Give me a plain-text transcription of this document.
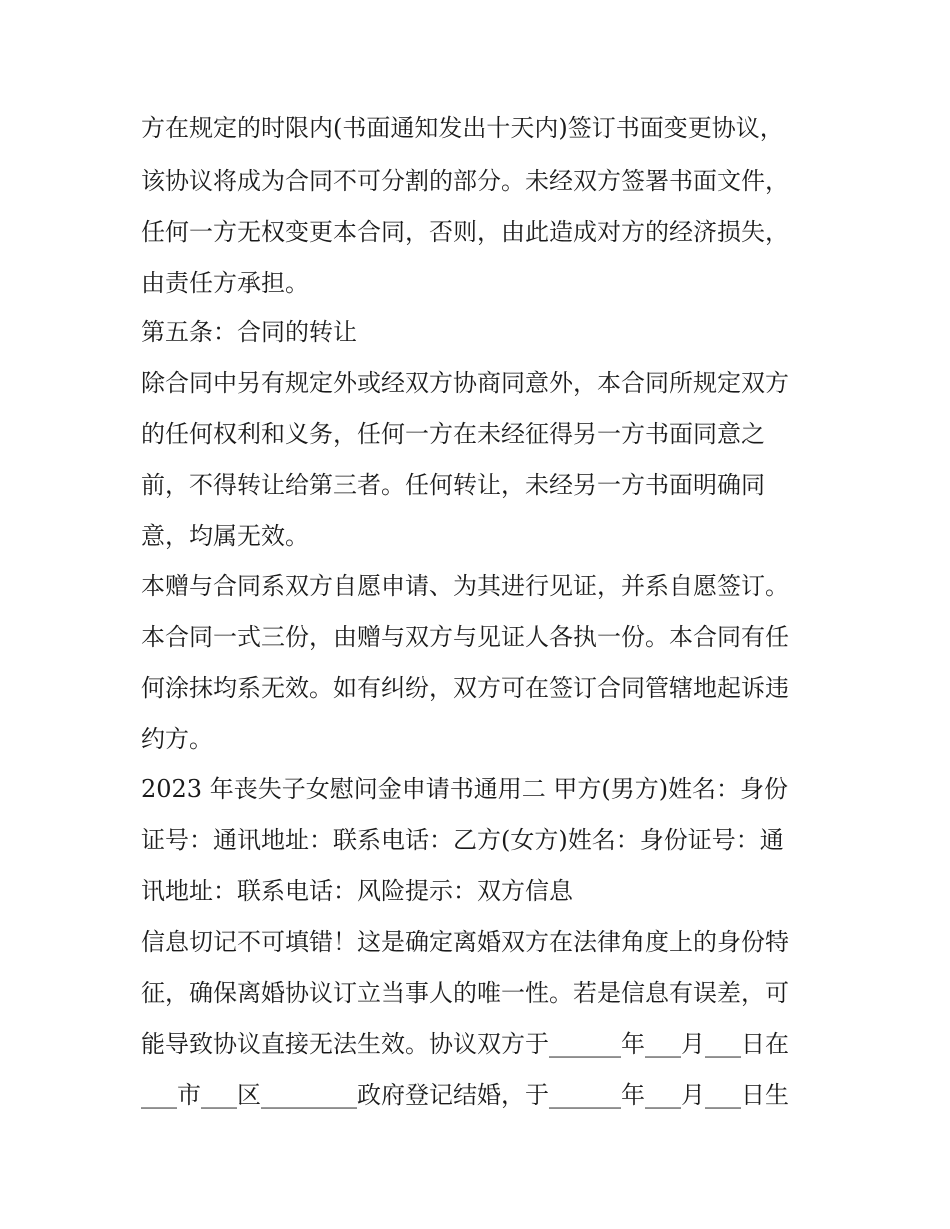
方在规定的时限内(书面通知发出十天内)签订书面变更协议，
该协议将成为合同不可分割的部分。未经双方签署书面文件，
任何一方无权变更本合同，否则，由此造成对方的经济损失，
由责任方承担。
第五条：合同的转让
除合同中另有规定外或经双方协商同意外，本合同所规定双方
的任何权利和义务，任何一方在未经征得另一方书面同意之
前，不得转让给第三者。任何转让，未经另一方书面明确同
意，均属无效。
本赠与合同系双方自愿申请、为其进行见证，并系自愿签订。
本合同一式三份，由赠与双方与见证人各执一份。本合同有任
何涂抹均系无效。如有纠纷，双方可在签订合同管辖地起诉违
约方。
2023 年丧失子女慰问金申请书通用二 甲方(男方)姓名：身份
证号：通讯地址：联系电话：乙方(女方)姓名：身份证号：通
讯地址：联系电话：风险提示：双方信息
信息切记不可填错！这是确定离婚双方在法律角度上的身份特
征，确保离婚协议订立当事人的唯一性。若是信息有误差，可
能导致协议直接无法生效。协议双方于______年___月___日在
___市___区________政府登记结婚，于______年___月___日生
